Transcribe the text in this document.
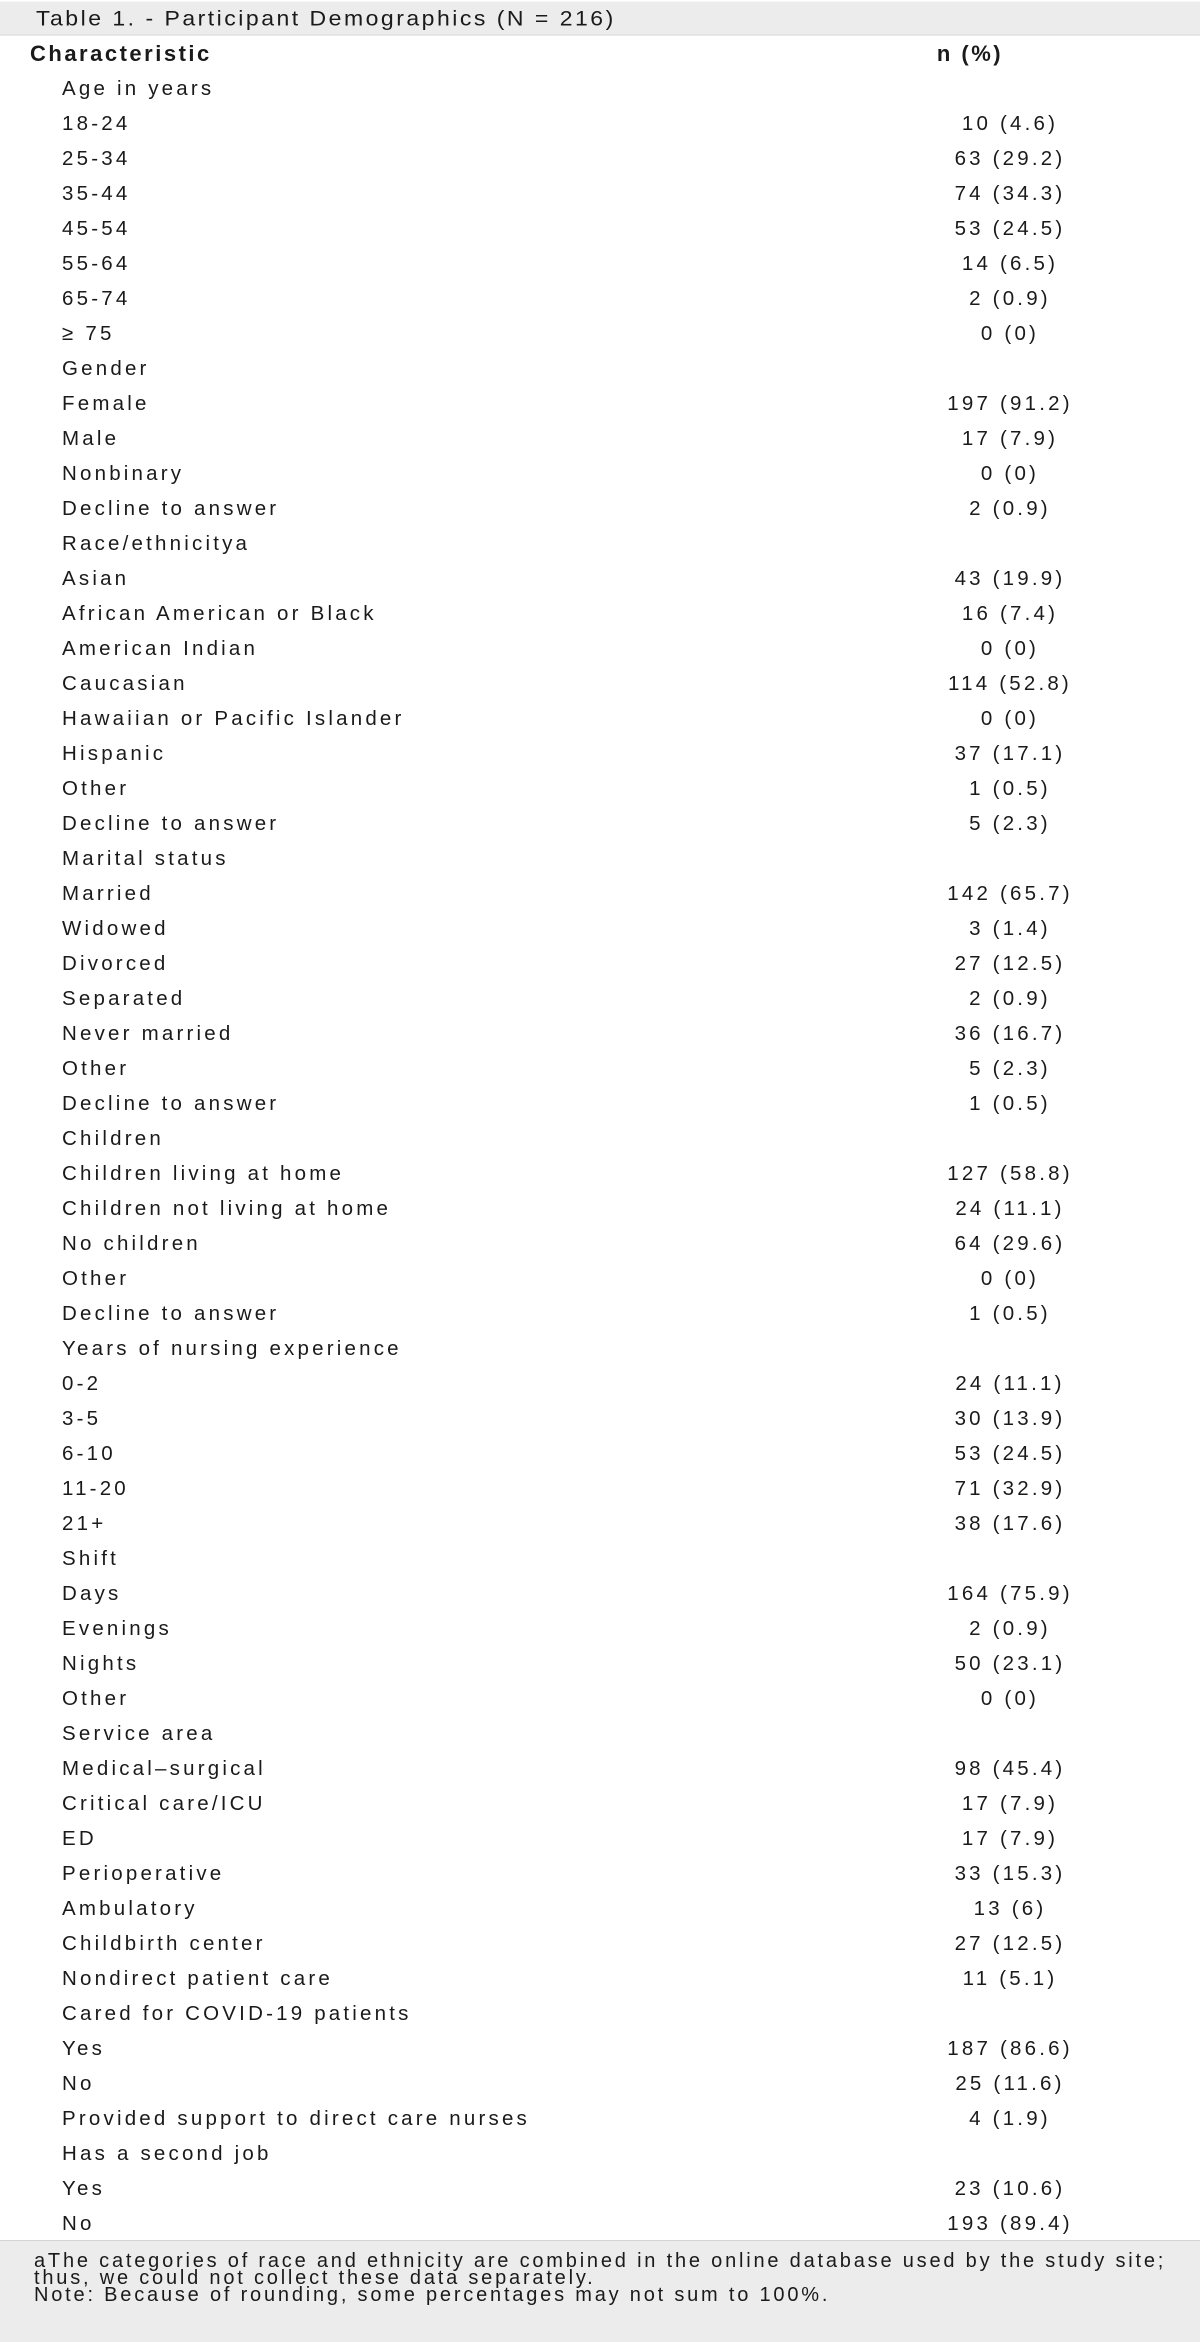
Table 1. - Participant Demographics (N = 216)
Characteristic	n (%)
Age in years
18-24	10 (4.6)
25-34	63 (29.2)
35-44	74 (34.3)
45-54	53 (24.5)
55-64	14 (6.5)
65-74	2 (0.9)
≥ 75	0 (0)
Gender
Female	197 (91.2)
Male	17 (7.9)
Nonbinary	0 (0)
Decline to answer	2 (0.9)
Race/ethnicitya
Asian	43 (19.9)
African American or Black	16 (7.4)
American Indian	0 (0)
Caucasian	114 (52.8)
Hawaiian or Pacific Islander	0 (0)
Hispanic	37 (17.1)
Other	1 (0.5)
Decline to answer	5 (2.3)
Marital status
Married	142 (65.7)
Widowed	3 (1.4)
Divorced	27 (12.5)
Separated	2 (0.9)
Never married	36 (16.7)
Other	5 (2.3)
Decline to answer	1 (0.5)
Children
Children living at home	127 (58.8)
Children not living at home	24 (11.1)
No children	64 (29.6)
Other	0 (0)
Decline to answer	1 (0.5)
Years of nursing experience
0-2	24 (11.1)
3-5	30 (13.9)
6-10	53 (24.5)
11-20	71 (32.9)
21+	38 (17.6)
Shift
Days	164 (75.9)
Evenings	2 (0.9)
Nights	50 (23.1)
Other	0 (0)
Service area
Medical–surgical	98 (45.4)
Critical care/ICU	17 (7.9)
ED	17 (7.9)
Perioperative	33 (15.3)
Ambulatory	13 (6)
Childbirth center	27 (12.5)
Nondirect patient care	11 (5.1)
Cared for COVID-19 patients
Yes	187 (86.6)
No	25 (11.6)
Provided support to direct care nurses	4 (1.9)
Has a second job
Yes	23 (10.6)
No	193 (89.4)

aThe categories of race and ethnicity are combined in the online database used by the study site; thus, we could not collect these data separately.

Note: Because of rounding, some percentages may not sum to 100%.
